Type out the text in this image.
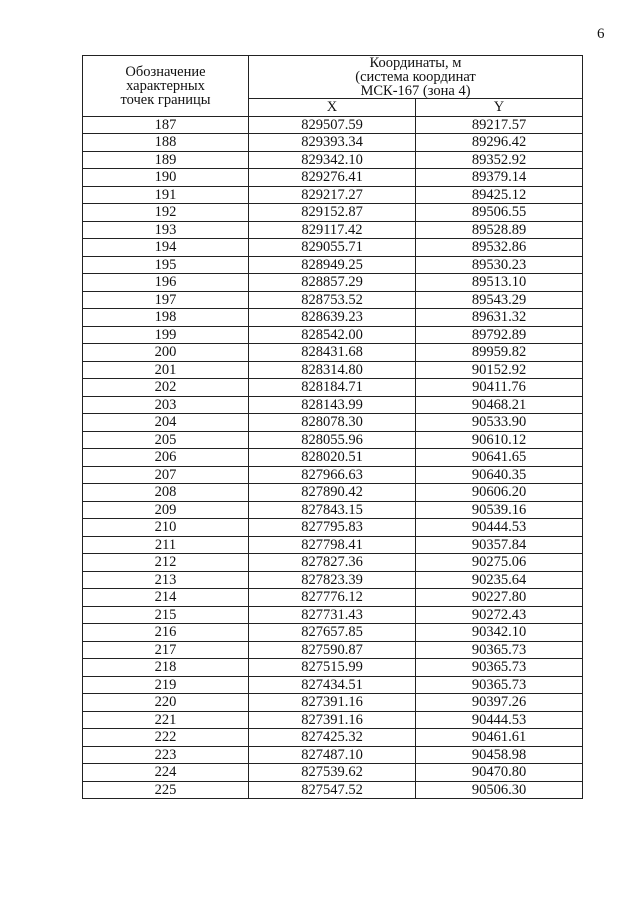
6
Обозначение
характерных
точек границы	Координаты, м
(система координат
МСК-167 (зона 4)	

	X	Y
187	829507.59	89217.57
188	829393.34	89296.42
189	829342.10	89352.92
190	829276.41	89379.14
191	829217.27	89425.12
192	829152.87	89506.55
193	829117.42	89528.89
194	829055.71	89532.86
195	828949.25	89530.23
196	828857.29	89513.10
197	828753.52	89543.29
198	828639.23	89631.32
199	828542.00	89792.89
200	828431.68	89959.82
201	828314.80	90152.92
202	828184.71	90411.76
203	828143.99	90468.21
204	828078.30	90533.90
205	828055.96	90610.12
206	828020.51	90641.65
207	827966.63	90640.35
208	827890.42	90606.20
209	827843.15	90539.16
210	827795.83	90444.53
211	827798.41	90357.84
212	827827.36	90275.06
213	827823.39	90235.64
214	827776.12	90227.80
215	827731.43	90272.43
216	827657.85	90342.10
217	827590.87	90365.73
218	827515.99	90365.73
219	827434.51	90365.73
220	827391.16	90397.26
221	827391.16	90444.53
222	827425.32	90461.61
223	827487.10	90458.98
224	827539.62	90470.80
225	827547.52	90506.30
